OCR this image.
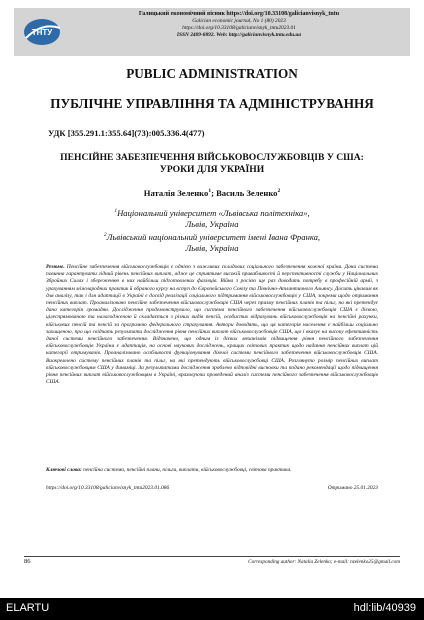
ТНТУ
Галицький економічний вісник https://doi.org/10.33108/galicianvisnyk_tntu
Galician economic journal, No 1 (80) 2023
https://doi.org/10.33108/galicianvisnyk_tntu2023.01
ISSN 2409-8892. Web: http://galicianvisnyk.tntu.edu.ua
PUBLIC ADMINISTRATION
ПУБЛІЧНЕ УПРАВЛІННЯ ТА АДМІНІСТРУВАННЯ
УДК [355.291.1:355.64](73):005.336.4(477)
ПЕНСІЙНЕ ЗАБЕЗПЕЧЕННЯ ВІЙСЬКОВОСЛУЖБОВЦІВ У США:
УРОКИ ДЛЯ УКРАЇНИ
Наталія Зеленко$^1$; Василь Зеленко$^2$
$^1$Національний університет «Львівська політехніка»,
Львів, Україна
$^2$Львівський національний університет імені Івана Франка,
Львів, Україна
Резюме. Пенсійне забезпечення військовослужбовців є однією з важливих складових соціального забезпечення кожної країни. Дана система повинна гарантувати гідний рівень пенсійних виплат, адже це сприятиме високій привабливості й перспективності служби у Національних Збройних Силах і збереженню в них найбільш підготовлених фахівців. Війна з росією ще раз доводить потребу в професійній армії, з урахуванням міжнародних практик й обраного курсу на вступ до Європейського Союзу та Північно-Атлантичного Альянсу. Досить цікавим як для аналізу, так і для адаптації в Україні є досвід реалізації соціального підтримання військовослужбовців у США, зокрема щодо отримання пенсійних виплат. Проаналізовано пенсійне забезпечення військовослужбовців США через призму пенсійних планів та пільг, на які претендує дана категорія громадян. Дослідження продемонструвало, що система пенсійного забезпечення військовослужбовців США є дієвою, цілеспрямованою та налагодженою й складається з різних видів пенсій, особистих відрахувань військовослужбовців на пенсійні рахунки, військових пенсій та пенсій за програмою федерального страхування. Автори доводять, що ця категорія населення є найбільш соціально захищеною, про що свідчать результати дослідження рівня пенсійних виплат військовослужбовців США, що і вказує на високу ефективність даної системи пенсійного забезпечення. Відзначено, що одним із дієвих механізмів підвищення рівня пенсійного забезпечення військовослужбовців України є адаптація, на основі наукових досліджень, кращих світових практик щодо надання пенсійних виплат цій категорії отримувачів. Проаналізовано особливості функціонування діючої системи пенсійного забезпечення військовослужбовців США. Виокремлено систему пенсійних планів та пільг, на які претендують військовослужбовці США. Розглянуто розмір пенсійних виплат військовослужбовцям США у динаміці. За результатами дослідження зроблено відповідні висновки та подано рекомендації щодо підвищення рівня пенсійних виплат військовослужбовцям в Україні, враховуючи проведений аналіз системи пенсійного забезпечення військовослужбовців США.
Ключові слова: пенсійна система, пенсійні плани, пільги, виплати, військовослужбовці, світова практика.
https://doi.org/10.33108/galicianvisnyk_tntu2023.01.086	Отримано 25.01.2023
86	Corresponding author: Natalia Zelenko; e-mail: nzelenko25@gmail.com
ELARTU	hdl:lib/40939
